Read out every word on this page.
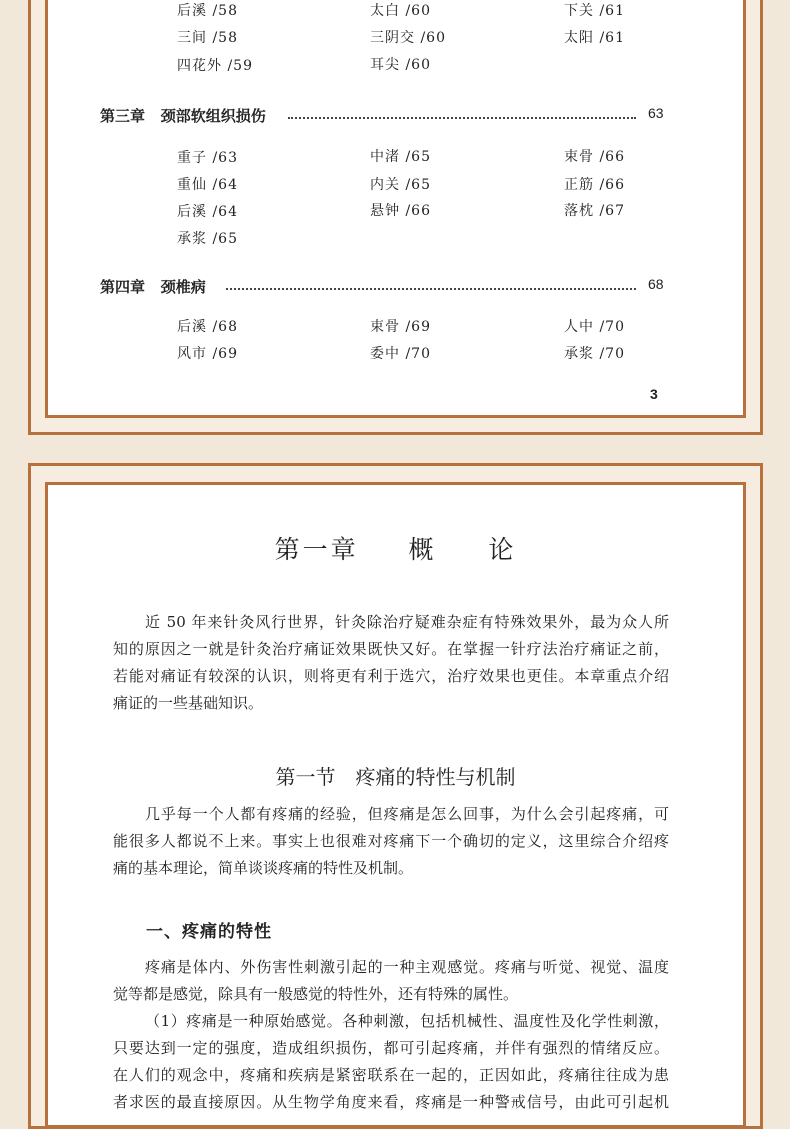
后溪 /58	太白 /60	下关 /61
三间 /58	三阴交 /60	太阳 /61
四花外 /59	耳尖 /60
第三章 颈部软组织损伤	63
重子 /63	中渚 /65	束骨 /66
重仙 /64	内关 /65	正筋 /66
后溪 /64	悬钟 /66	落枕 /67
承浆 /65
第四章 颈椎病	68
后溪 /68	束骨 /69	人中 /70
风市 /69	委中 /70	承浆 /70
3
第一章 概 论
近 50 年来针灸风行世界，针灸除治疗疑难杂症有特殊效果外，最为众人所
知的原因之一就是针灸治疗痛证效果既快又好。在掌握一针疗法治疗痛证之前，
若能对痛证有较深的认识，则将更有利于选穴，治疗效果也更佳。本章重点介绍
痛证的一些基础知识。
第一节　疼痛的特性与机制
几乎每一个人都有疼痛的经验，但疼痛是怎么回事，为什么会引起疼痛，可
能很多人都说不上来。事实上也很难对疼痛下一个确切的定义，这里综合介绍疼
痛的基本理论，简单谈谈疼痛的特性及机制。
一、疼痛的特性
疼痛是体内、外伤害性刺激引起的一种主观感觉。疼痛与听觉、视觉、温度
觉等都是感觉，除具有一般感觉的特性外，还有特殊的属性。
（1）疼痛是一种原始感觉。各种刺激，包括机械性、温度性及化学性刺激，
只要达到一定的强度，造成组织损伤，都可引起疼痛，并伴有强烈的情绪反应。
在人们的观念中，疼痛和疾病是紧密联系在一起的，正因如此，疼痛往往成为患
者求医的最直接原因。从生物学角度来看，疼痛是一种警戒信号，由此可引起机
